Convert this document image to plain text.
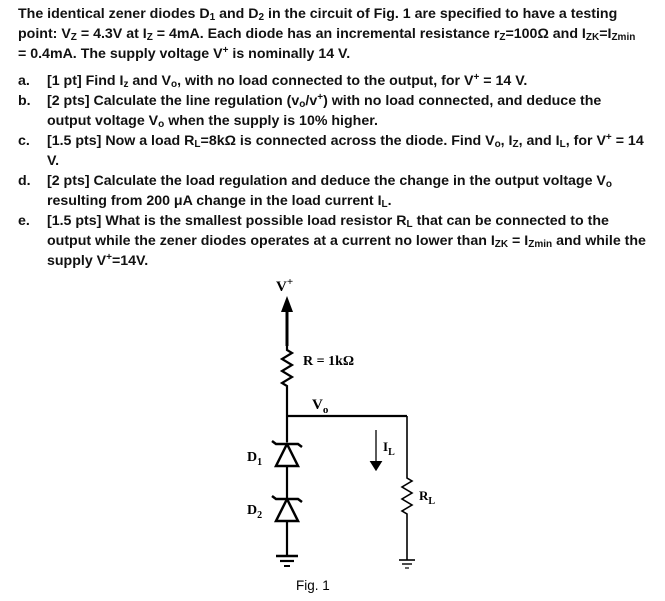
The identical zener diodes $D_1$ and $D_2$ in the circuit of Fig. 1 are specified to have a testing point: $V_Z = 4.3V$ at $I_Z = 4mA$. Each diode has an incremental resistance $r_Z=100\Omega$ and $I_{ZK}=I_{Zmin} = 0.4mA$. The supply voltage V+ is nominally 14 V.
a.	[1 pt] Find $I_z$ and $V_o$, with no load connected to the output, for V+ = 14 V.
b.	[2 pts] Calculate the line regulation $(v_o/v^+)$ with no load connected, and deduce the output voltage $V_o$ when the supply is 10% higher.
c.	[1.5 pts] Now a load $R_L=8k\Omega$ is connected across the diode. Find $V_o$, $I_Z$, and $I_L$, for V+ = 14 V.
d.	[2 pts] Calculate the load regulation and deduce the change in the output voltage $V_o$ resulting from 200 μA change in the load current $I_L$.
e.	[1.5 pts] What is the smallest possible load resistor $R_L$ that can be connected to the output while the zener diodes operates at a current no lower than $I_{ZK} = I_{Zmin}$ and while the supply V+=14V.
V+
R = 1kΩ
$V_o$
$D_1$
$D_2$
$R_L$
$I_L$
Fig. 1
